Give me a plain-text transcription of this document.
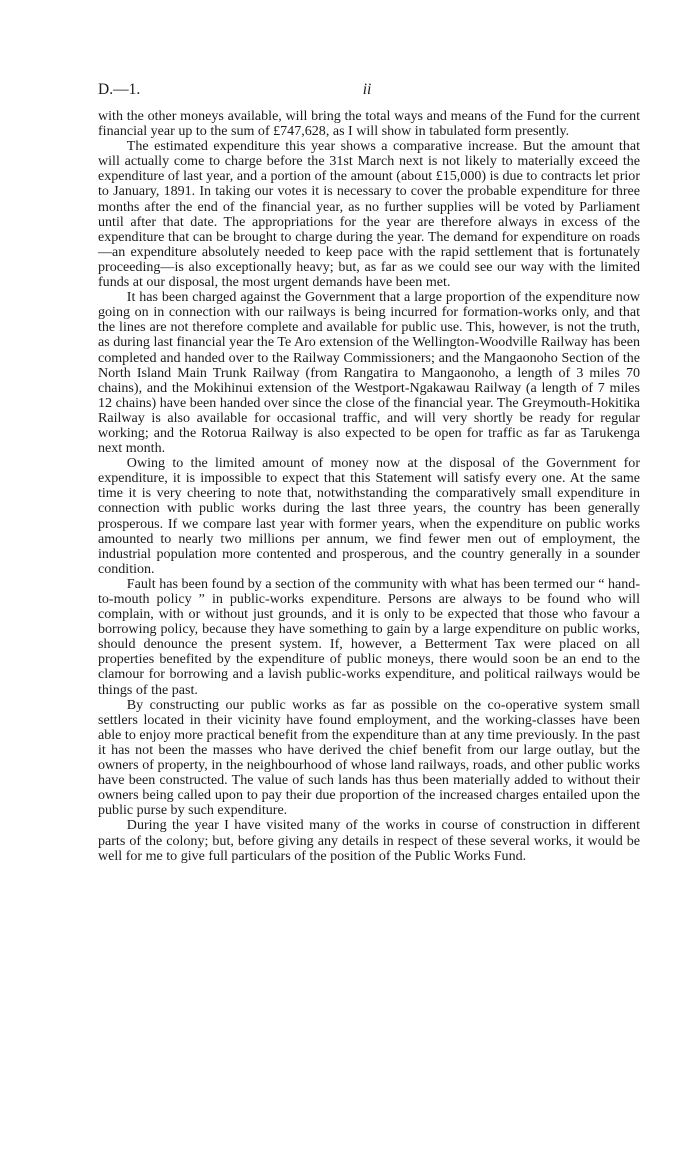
D.—1.	ii

with the other moneys available, will bring the total ways and means of the Fund for the current financial year up to the sum of £747,628, as I will show in tabulated form presently.

The estimated expenditure this year shows a comparative increase. But the amount that will actually come to charge before the 31st March next is not likely to materially exceed the expenditure of last year, and a portion of the amount (about £15,000) is due to contracts let prior to January, 1891. In taking our votes it is necessary to cover the probable expenditure for three months after the end of the financial year, as no further supplies will be voted by Parliament until after that date. The appropriations for the year are therefore always in excess of the expenditure that can be brought to charge during the year. The demand for expenditure on roads—an expenditure absolutely needed to keep pace with the rapid settlement that is fortunately proceeding—is also exceptionally heavy; but, as far as we could see our way with the limited funds at our disposal, the most urgent demands have been met.

It has been charged against the Government that a large proportion of the expenditure now going on in connection with our railways is being incurred for formation-works only, and that the lines are not therefore complete and available for public use. This, however, is not the truth, as during last financial year the Te Aro extension of the Wellington-Woodville Railway has been completed and handed over to the Railway Commissioners; and the Mangaonoho Section of the North Island Main Trunk Railway (from Rangatira to Mangaonoho, a length of 3 miles 70 chains), and the Mokihinui extension of the Westport-Ngakawau Railway (a length of 7 miles 12 chains) have been handed over since the close of the financial year. The Greymouth-Hokitika Railway is also available for occasional traffic, and will very shortly be ready for regular working; and the Rotorua Railway is also expected to be open for traffic as far as Tarukenga next month.

Owing to the limited amount of money now at the disposal of the Government for expenditure, it is impossible to expect that this Statement will satisfy every one. At the same time it is very cheering to note that, notwithstanding the comparatively small expenditure in connection with public works during the last three years, the country has been generally prosperous. If we compare last year with former years, when the expenditure on public works amounted to nearly two millions per annum, we find fewer men out of employment, the industrial population more contented and prosperous, and the country generally in a sounder condition.

Fault has been found by a section of the community with what has been termed our “ hand-to-mouth policy ” in public-works expenditure. Persons are always to be found who will complain, with or without just grounds, and it is only to be expected that those who favour a borrowing policy, because they have something to gain by a large expenditure on public works, should denounce the present system. If, however, a Betterment Tax were placed on all properties benefited by the expenditure of public moneys, there would soon be an end to the clamour for borrowing and a lavish public-works expenditure, and political railways would be things of the past.

By constructing our public works as far as possible on the co-operative system small settlers located in their vicinity have found employment, and the working-classes have been able to enjoy more practical benefit from the expenditure than at any time previously. In the past it has not been the masses who have derived the chief benefit from our large outlay, but the owners of property, in the neighbourhood of whose land railways, roads, and other public works have been constructed. The value of such lands has thus been materially added to without their owners being called upon to pay their due proportion of the increased charges entailed upon the public purse by such expenditure.

During the year I have visited many of the works in course of construction in different parts of the colony; but, before giving any details in respect of these several works, it would be well for me to give full particulars of the position of the Public Works Fund.
